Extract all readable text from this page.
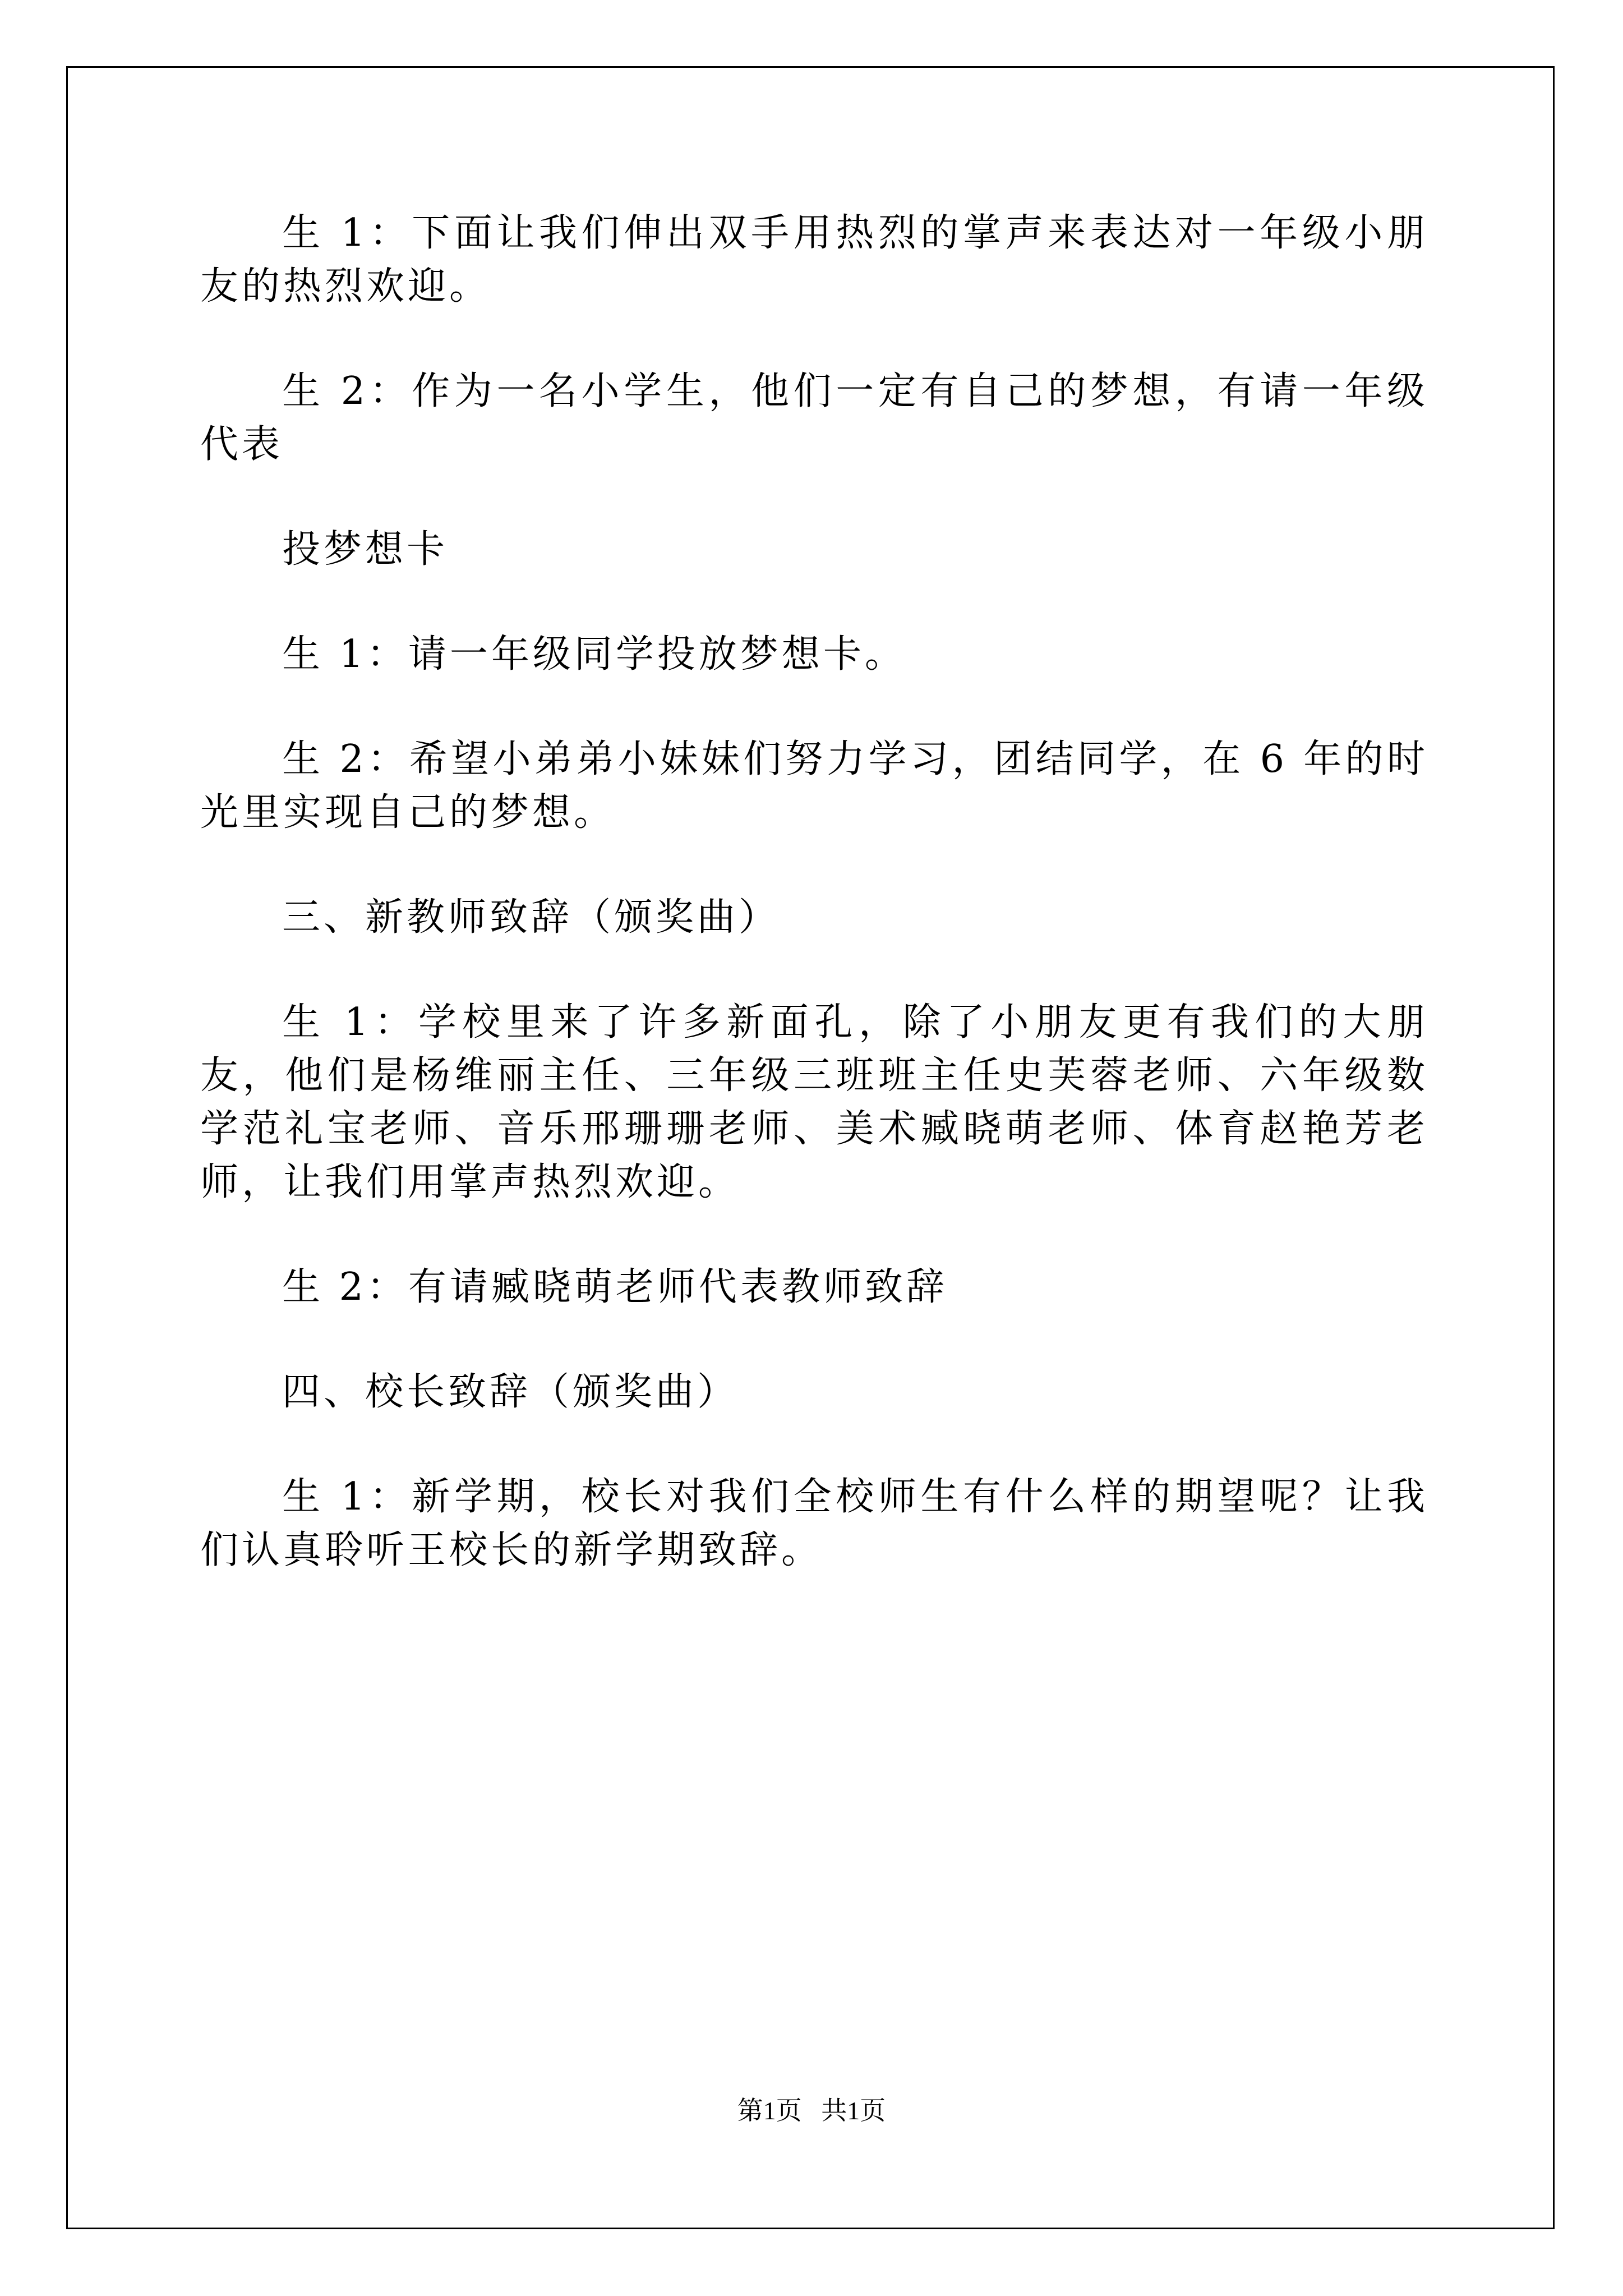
生 1：下面让我们伸出双手用热烈的掌声来表达对一年级小朋友的热烈欢迎。

生 2：作为一名小学生，他们一定有自己的梦想，有请一年级代表

投梦想卡

生 1：请一年级同学投放梦想卡。

生 2：希望小弟弟小妹妹们努力学习，团结同学，在 6 年的时光里实现自己的梦想。

三、新教师致辞（颁奖曲）

生 1：学校里来了许多新面孔，除了小朋友更有我们的大朋友，他们是杨维丽主任、三年级三班班主任史芙蓉老师、六年级数学范礼宝老师、音乐邢珊珊老师、美术臧晓萌老师、体育赵艳芳老师，让我们用掌声热烈欢迎。

生 2：有请臧晓萌老师代表教师致辞

四、校长致辞（颁奖曲）

生 1：新学期，校长对我们全校师生有什么样的期望呢？让我们认真聆听王校长的新学期致辞。

第1页 共1页
